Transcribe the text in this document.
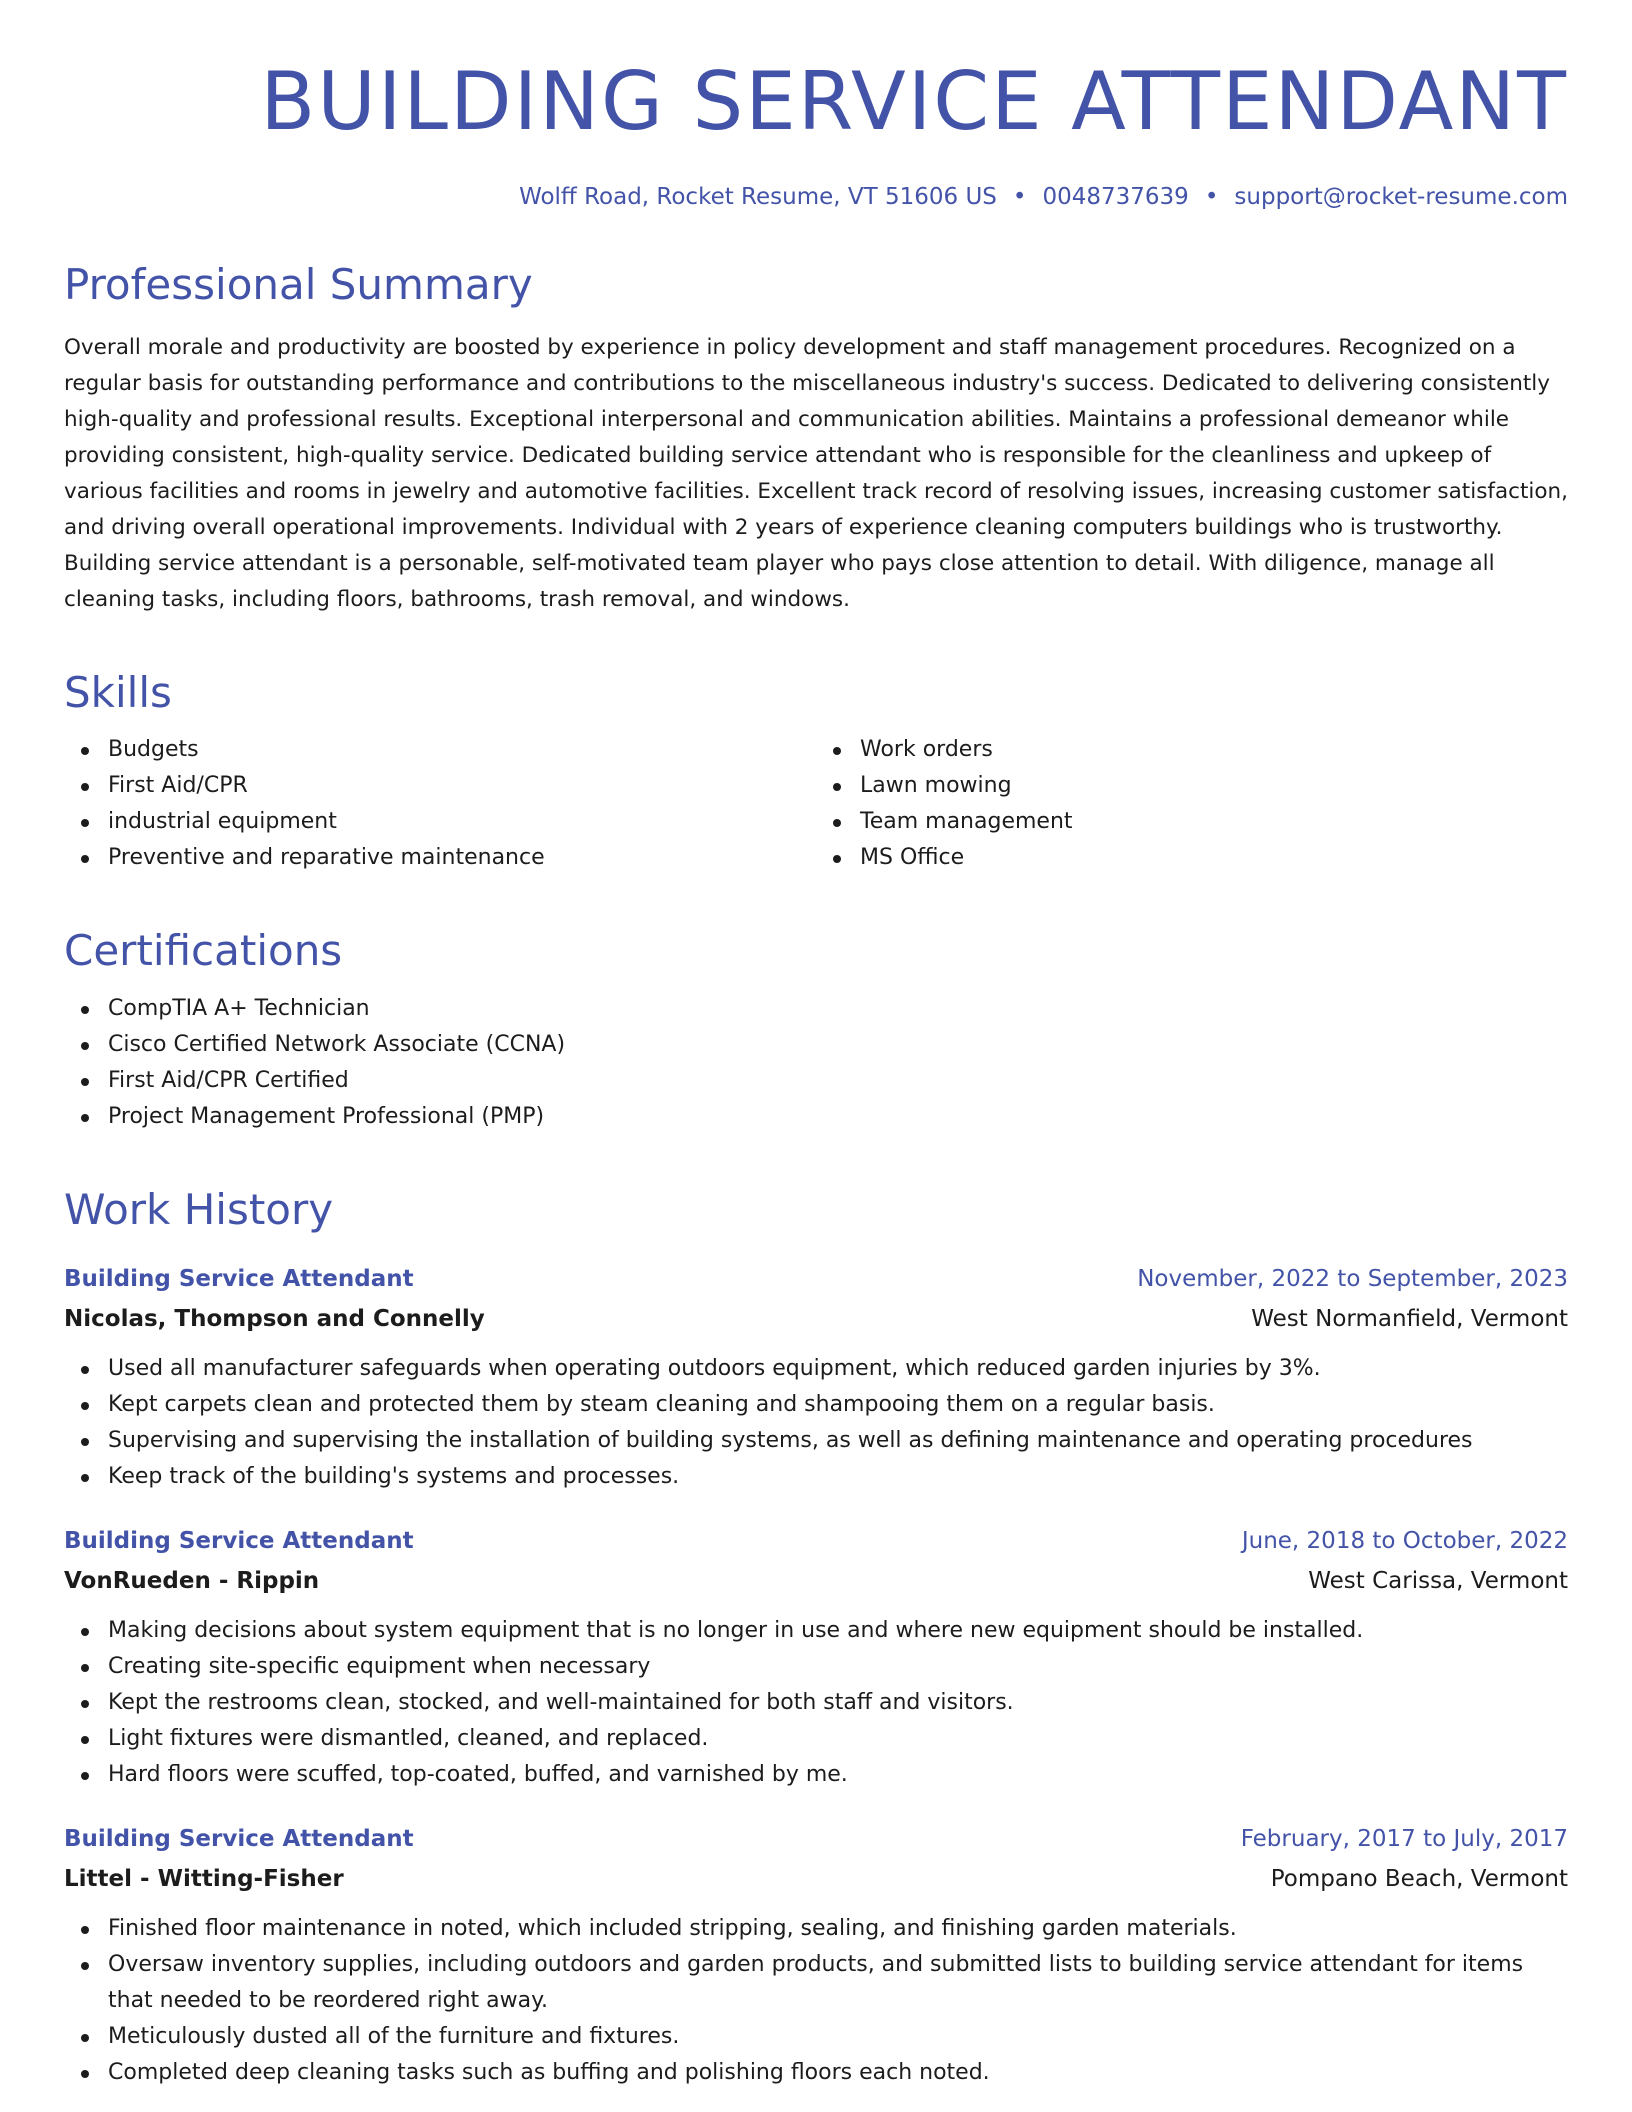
BUILDING SERVICE ATTENDANT
Wolff Road, Rocket Resume, VT 51606 US • 0048737639 • support@rocket-resume.com
Professional Summary
Overall morale and productivity are boosted by experience in policy development and staff management procedures. Recognized on a regular basis for outstanding performance and contributions to the miscellaneous industry's success. Dedicated to delivering consistently high-quality and professional results. Exceptional interpersonal and communication abilities. Maintains a professional demeanor while providing consistent, high-quality service. Dedicated building service attendant who is responsible for the cleanliness and upkeep of various facilities and rooms in jewelry and automotive facilities. Excellent track record of resolving issues, increasing customer satisfaction, and driving overall operational improvements. Individual with 2 years of experience cleaning computers buildings who is trustworthy. Building service attendant is a personable, self-motivated team player who pays close attention to detail. With diligence, manage all cleaning tasks, including floors, bathrooms, trash removal, and windows.
Skills
Budgets
First Aid/CPR
industrial equipment
Preventive and reparative maintenance
Work orders
Lawn mowing
Team management
MS Office
Certifications
CompTIA A+ Technician
Cisco Certified Network Associate (CCNA)
First Aid/CPR Certified
Project Management Professional (PMP)
Work History
Building Service Attendant	November, 2022 to September, 2023
Nicolas, Thompson and Connelly	West Normanfield, Vermont
Used all manufacturer safeguards when operating outdoors equipment, which reduced garden injuries by 3%.
Kept carpets clean and protected them by steam cleaning and shampooing them on a regular basis.
Supervising and supervising the installation of building systems, as well as defining maintenance and operating procedures
Keep track of the building's systems and processes.
Building Service Attendant	June, 2018 to October, 2022
VonRueden - Rippin	West Carissa, Vermont
Making decisions about system equipment that is no longer in use and where new equipment should be installed.
Creating site-specific equipment when necessary
Kept the restrooms clean, stocked, and well-maintained for both staff and visitors.
Light fixtures were dismantled, cleaned, and replaced.
Hard floors were scuffed, top-coated, buffed, and varnished by me.
Building Service Attendant	February, 2017 to July, 2017
Littel - Witting-Fisher	Pompano Beach, Vermont
Finished floor maintenance in noted, which included stripping, sealing, and finishing garden materials.
Oversaw inventory supplies, including outdoors and garden products, and submitted lists to building service attendant for items that needed to be reordered right away.
Meticulously dusted all of the furniture and fixtures.
Completed deep cleaning tasks such as buffing and polishing floors each noted.
